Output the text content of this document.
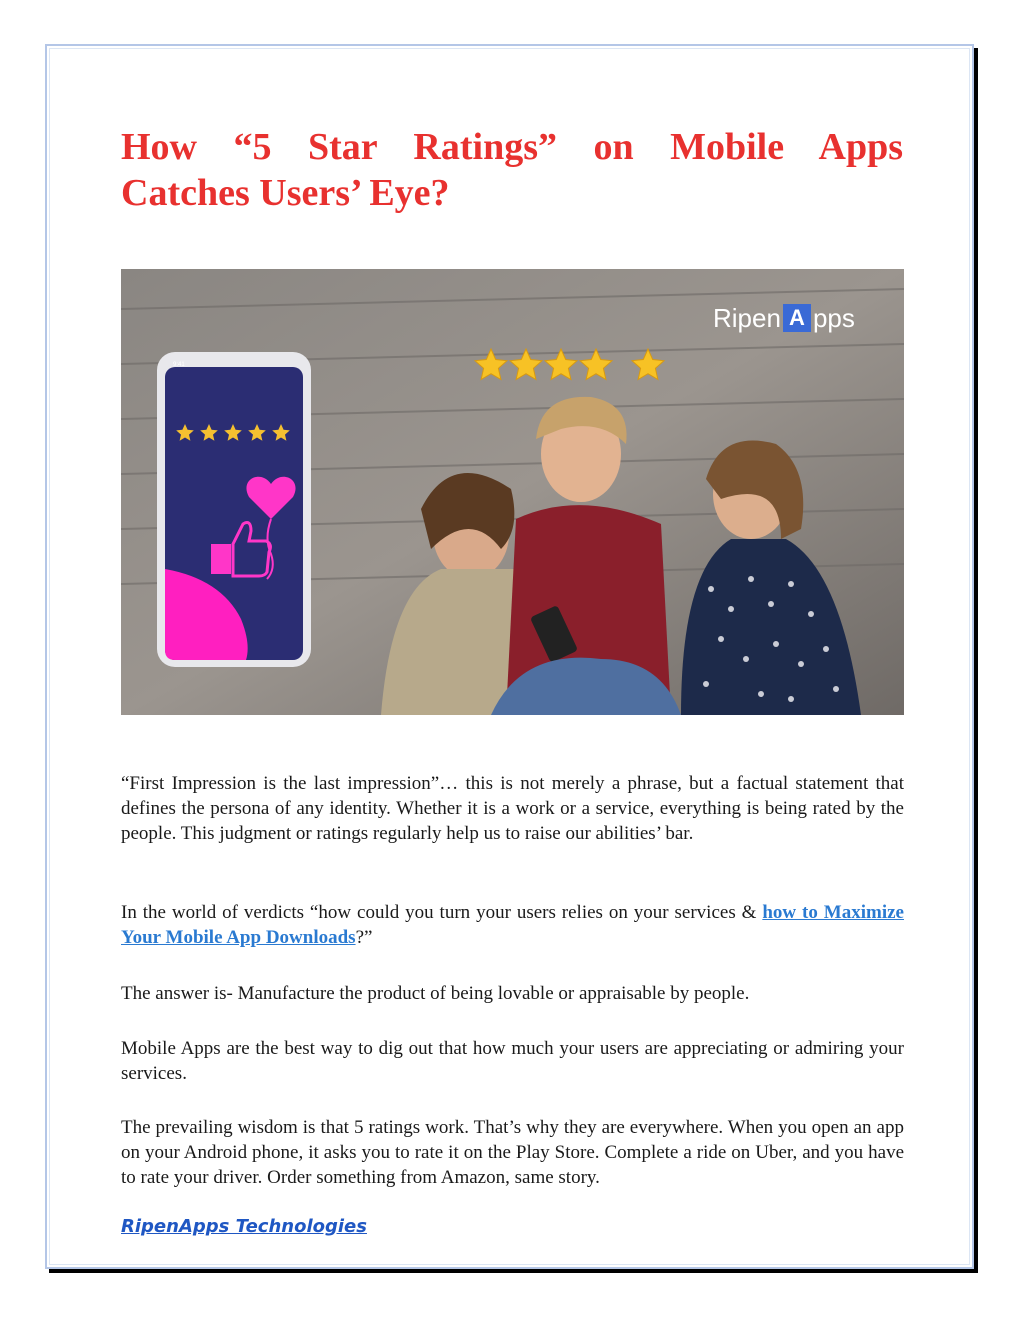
How “5 Star Ratings” on Mobile Apps
Catches Users’ Eye?
9:41
Ripen A pps

“First Impression is the last impression”… this is not merely a phrase, but a factual statement that defines the persona of any identity. Whether it is a work or a service, everything is being rated by the people. This judgment or ratings regularly help us to raise our abilities’ bar.

In the world of verdicts “how could you turn your users relies on your services & how to Maximize Your Mobile App Downloads?”

The answer is- Manufacture the product of being lovable or appraisable by people.

Mobile Apps are the best way to dig out that how much your users are appreciating or admiring your services.

The prevailing wisdom is that 5 ratings work. That’s why they are everywhere. When you open an app on your Android phone, it asks you to rate it on the Play Store. Complete a ride on Uber, and you have to rate your driver. Order something from Amazon, same story.

RipenApps Technologies
